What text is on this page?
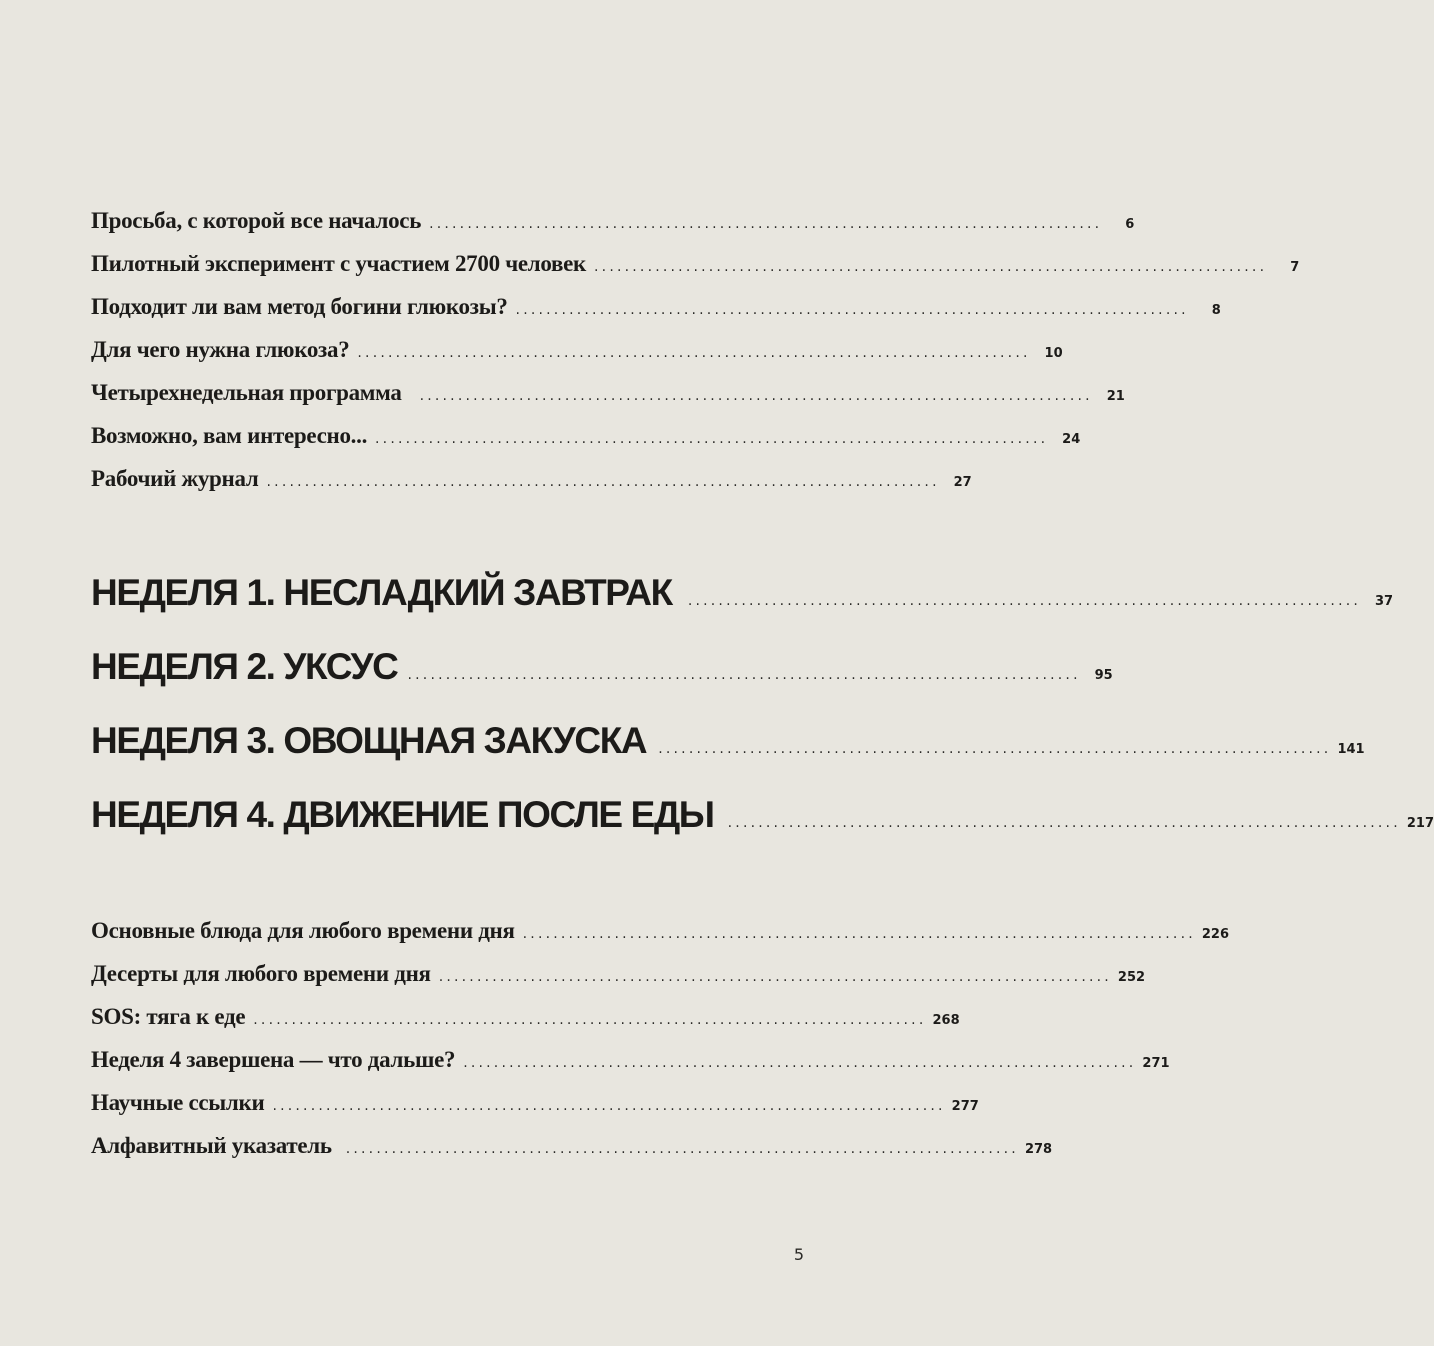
Просьба, с которой все началось ........................................................................................	6
Пилотный эксперимент с участием 2700 человек ........................................................................................	7
Подходит ли вам метод богини глюкозы? ........................................................................................	8
Для чего нужна глюкоза? ........................................................................................	10
Четырехнедельная программа ........................................................................................	21
Возможно, вам интересно... ........................................................................................	24
Рабочий журнал ........................................................................................	27
НЕДЕЛЯ 1. НЕСЛАДКИЙ ЗАВТРАК ........................................................................................	37
НЕДЕЛЯ 2. УКСУС ........................................................................................	95
НЕДЕЛЯ 3. ОВОЩНАЯ ЗАКУСКА ........................................................................................ 141
НЕДЕЛЯ 4. ДВИЖЕНИЕ ПОСЛЕ ЕДЫ ........................................................................................ 217
Основные блюда для любого времени дня ........................................................................................ 226
Десерты для любого времени дня ........................................................................................ 252
SOS: тяга к еде ........................................................................................ 268
Неделя 4 завершена — что дальше? ........................................................................................ 271
Научные ссылки ........................................................................................ 277
Алфавитный указатель ........................................................................................ 278
5
